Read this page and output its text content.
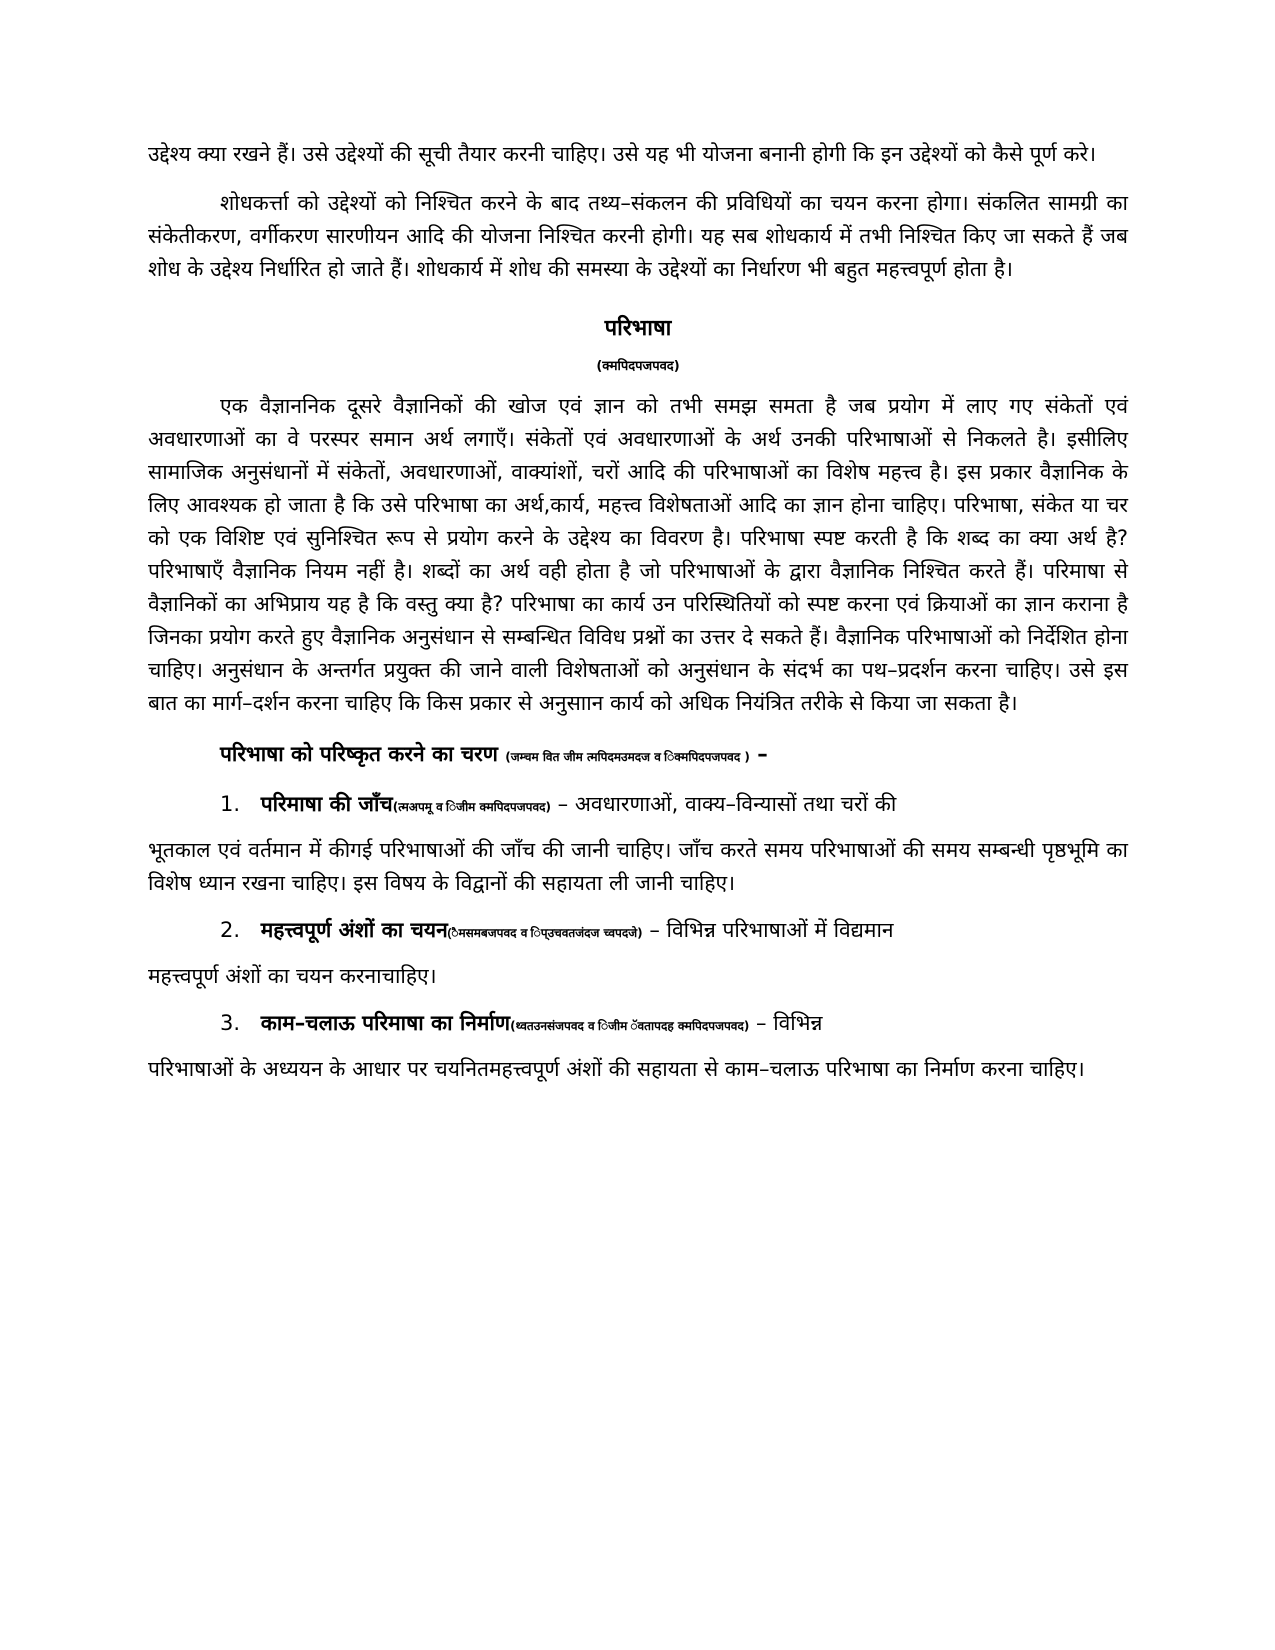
उद्देश्य क्या रखने हैं। उसे उद्देश्यों की सूची तैयार करनी चाहिए। उसे यह भी योजना बनानी होगी कि इन उद्देश्यों को कैसे पूर्ण करे।

शोधकर्त्ता को उद्देश्यों को निश्चित करने के बाद तथ्य–संकलन की प्रविधियों का चयन करना होगा। संकलित सामग्री का संकेतीकरण, वर्गीकरण सारणीयन आदि की योजना निश्चित करनी होगी। यह सब शोधकार्य में तभी निश्चित किए जा सकते हैं जब शोध के उद्देश्य निर्धारित हो जाते हैं। शोधकार्य में शोध की समस्या के उद्देश्यों का निर्धारण भी बहुत महत्त्वपूर्ण होता है।

परिभाषा
(क्मपिदपजपवद)

एक वैज्ञाननिक दूसरे वैज्ञानिकों की खोज एवं ज्ञान को तभी समझ समता है जब प्रयोग में लाए गए संकेतों एवं अवधारणाओं का वे परस्पर समान अर्थ लगाएँ। संकेतों एवं अवधारणाओं के अर्थ उनकी परिभाषाओं से निकलते है। इसीलिए सामाजिक अनुसंधानों में संकेतों, अवधारणाओं, वाक्यांशों, चरों आदि की परिभाषाओं का विशेष महत्त्व है। इस प्रकार वैज्ञानिक के लिए आवश्यक हो जाता है कि उसे परिभाषा का अर्थ,कार्य, महत्त्व विशेषताओं आदि का ज्ञान होना चाहिए। परिभाषा, संकेत या चर को एक विशिष्ट एवं सुनिश्चित रूप से प्रयोग करने के उद्देश्य का विवरण है। परिभाषा स्पष्ट करती है कि शब्द का क्या अर्थ है? परिभाषाएँ वैज्ञानिक नियम नहीं है। शब्दों का अर्थ वही होता है जो परिभाषाओं के द्वारा वैज्ञानिक निश्चित करते हैं। परिमाषा से वैज्ञानिकों का अभिप्राय यह है कि वस्तु क्या है? परिभाषा का कार्य उन परिस्थितियों को स्पष्ट करना एवं क्रियाओं का ज्ञान कराना है जिनका प्रयोग करते हुए वैज्ञानिक अनुसंधान से सम्बन्धित विविध प्रश्नों का उत्तर दे सकते हैं। वैज्ञानिक परिभाषाओं को निर्देशित होना चाहिए। अनुसंधान के अन्तर्गत प्रयुक्त की जाने वाली विशेषताओं को अनुसंधान के संदर्भ का पथ–प्रदर्शन करना चाहिए। उसे इस बात का मार्ग–दर्शन करना चाहिए कि किस प्रकार से अनुसाान कार्य को अधिक नियंत्रित तरीके से किया जा सकता है।

परिभाषा को परिष्कृत करने का चरण (जम्चम वित जीम त्मपिदमउमदज व िक्मपिदपजपवद ) –
1. परिमाषा की जाँच(त्मअपमू व िजीम क्मपिदपजपवद) – अवधारणाओं, वाक्य–विन्यासों तथा चरों की

भूतकाल एवं वर्तमान में कीगई परिभाषाओं की जाँच की जानी चाहिए। जाँच करते समय परिभाषाओं की समय सम्बन्धी पृष्ठभूमि का विशेष ध्यान रखना चाहिए। इस विषय के विद्वानों की सहायता ली जानी चाहिए।

2. महत्त्वपूर्ण अंशों का चयन(ैमसमबजपवद व िप्उचवतजंदज च्वपदजे) – विभिन्न परिभाषाओं में विद्यमान

महत्त्वपूर्ण अंशों का चयन करनाचाहिए।

3. काम–चलाऊ परिमाषा का निर्माण(थ्वतउनसंजपवद व िजीम ॅवतापदह क्मपिदपजपवद) – विभिन्न

परिभाषाओं के अध्ययन के आधार पर चयनितमहत्त्वपूर्ण अंशों की सहायता से काम–चलाऊ परिभाषा का निर्माण करना चाहिए।
